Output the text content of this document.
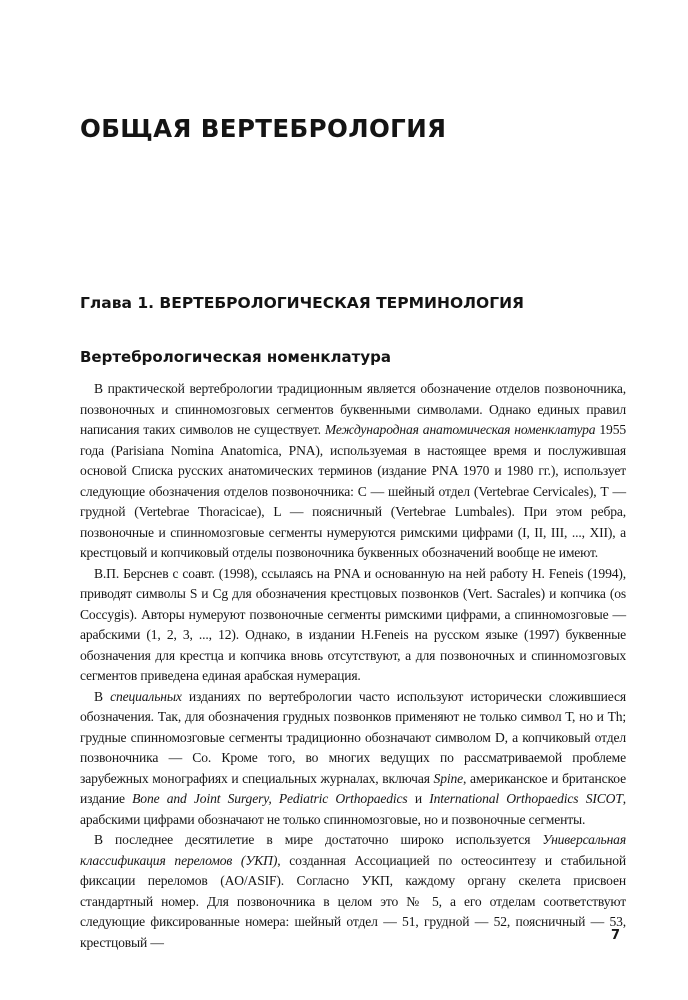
ОБЩАЯ ВЕРТЕБРОЛОГИЯ
Глава 1. ВЕРТЕБРОЛОГИЧЕСКАЯ ТЕРМИНОЛОГИЯ
Вертебрологическая номенклатура

В практической вертебрологии традиционным является обозначение отделов позвоночника, позвоночных и спинномозговых сегментов буквенными символами. Однако единых правил написания таких символов не существует. Международная анатомическая номенклатура 1955 года (Parisiana Nomina Anatomica, PNA), используемая в настоящее время и послужившая основой Списка русских анатомических терминов (издание PNA 1970 и 1980 гг.), использует следующие обозначения отделов позвоночника: С — шейный отдел (Vertebrae Cervicales), Т — грудной (Vertebrae Thoracicae), L — поясничный (Vertebrae Lumbales). При этом ребра, позвоночные и спинномозговые сегменты нумеруются римскими цифрами (I, II, III, ..., XII), а крестцовый и копчиковый отделы позвоночника буквенных обозначений вообще не имеют.

В.П. Берснев с соавт. (1998), ссылаясь на PNA и основанную на ней работу Н. Feneis (1994), приводят символы S и Cg для обозначения крестцовых позвонков (Vert. Sacrales) и копчика (os Coccygis). Авторы нумеруют позвоночные сегменты римскими цифрами, а спинномозговые — арабскими (1, 2, 3, ..., 12). Однако, в издании H.Feneis на русском языке (1997) буквенные обозначения для крестца и копчика вновь отсутствуют, а для позвоночных и спинномозговых сегментов приведена единая арабская нумерация.

В специальных изданиях по вертебрологии часто используют исторически сложившиеся обозначения. Так, для обозначения грудных позвонков применяют не только символ Т, но и Th; грудные спинномозговые сегменты традиционно обозначают символом D, а копчиковый отдел позвоночника — Со. Кроме того, во многих ведущих по рассматриваемой проблеме зарубежных монографиях и специальных журналах, включая Spine, американское и британское издание Bone and Joint Surgery, Pediatric Orthopaedics и International Orthopaedics SICOT, арабскими цифрами обозначают не только спинномозговые, но и позвоночные сегменты.

В последнее десятилетие в мире достаточно широко используется Универсальная классификация переломов (УКП), созданная Ассоциацией по остеосинтезу и стабильной фиксации переломов (AO/ASIF). Согласно УКП, каждому органу скелета присвоен стандартный номер. Для позвоночника в целом это № 5, а его отделам соответствуют следующие фиксированные номера: шейный отдел — 51, грудной — 52, поясничный — 53, крестцовый —	7
